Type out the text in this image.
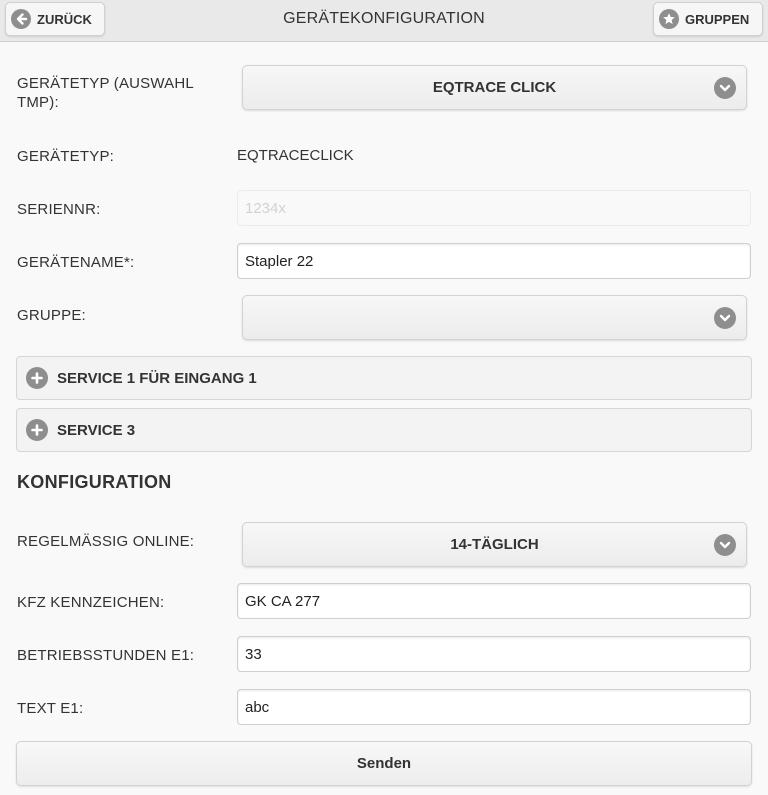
GERÄTEKONFIGURATION
ZURÜCK	GRUPPEN
GERÄTETYP (AUSWAHL TMP):
EQTRACE CLICK
GERÄTETYP:	EQTRACECLICK
SERIENNR:
1234x
GERÄTENAME*:
Stapler 22
GRUPPE:
SERVICE 1 FÜR EINGANG 1
SERVICE 3
KONFIGURATION
REGELMÄSSIG ONLINE:	14-TÄGLICH
KFZ KENNZEICHEN:
GK CA 277
BETRIEBSSTUNDEN E1:
33
TEXT E1:
abc
Senden
